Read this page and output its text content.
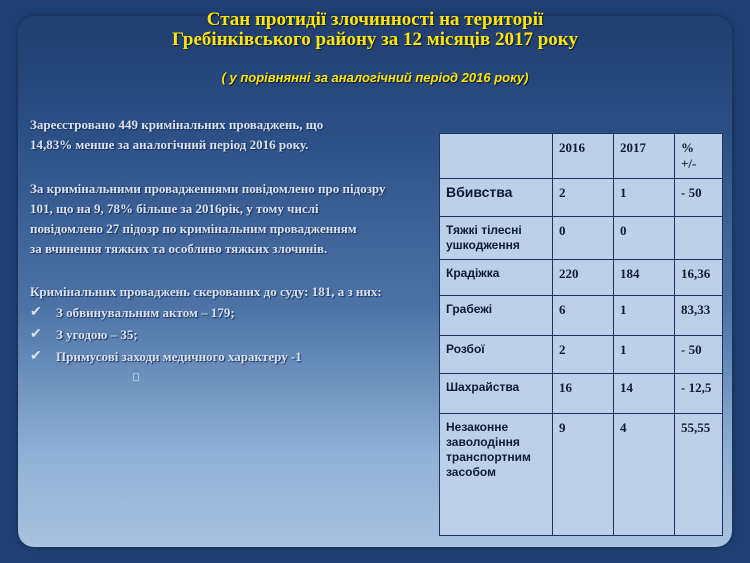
Стан протидії злочинності на території
Гребінківського району за 12 місяців 2017 року
( у порівнянні за аналогічний період 2016 року)
Зареєстровано 449 кримінальних проваджень, що
14,83% менше за аналогічний період 2016 року.
За кримінальними провадженнями повідомлено про підозру
101, що на 9, 78% більше за 2016рік, у тому числі
повідомлено 27 підозр по кримінальним провадженням
за вчинення тяжких та особливо тяжких злочинів.
Кримінальних проваджень скерованих до суду: 181, а з них:
✔ З обвинувальним актом – 179;
✔ З угодою – 35;
✔ Примусові заходи медичного характеру -1
	2016	2017	%
+/-
Вбивства	2	1	- 50
Тяжкі тілесні ушкодження	0	0	
Крадіжка	220	184	16,36
Грабежі	6	1	83,33
Розбої	2	1	- 50
Шахрайства	16	14	- 12,5
Незаконне заволодіння транспортним засобом	9	4	55,55
